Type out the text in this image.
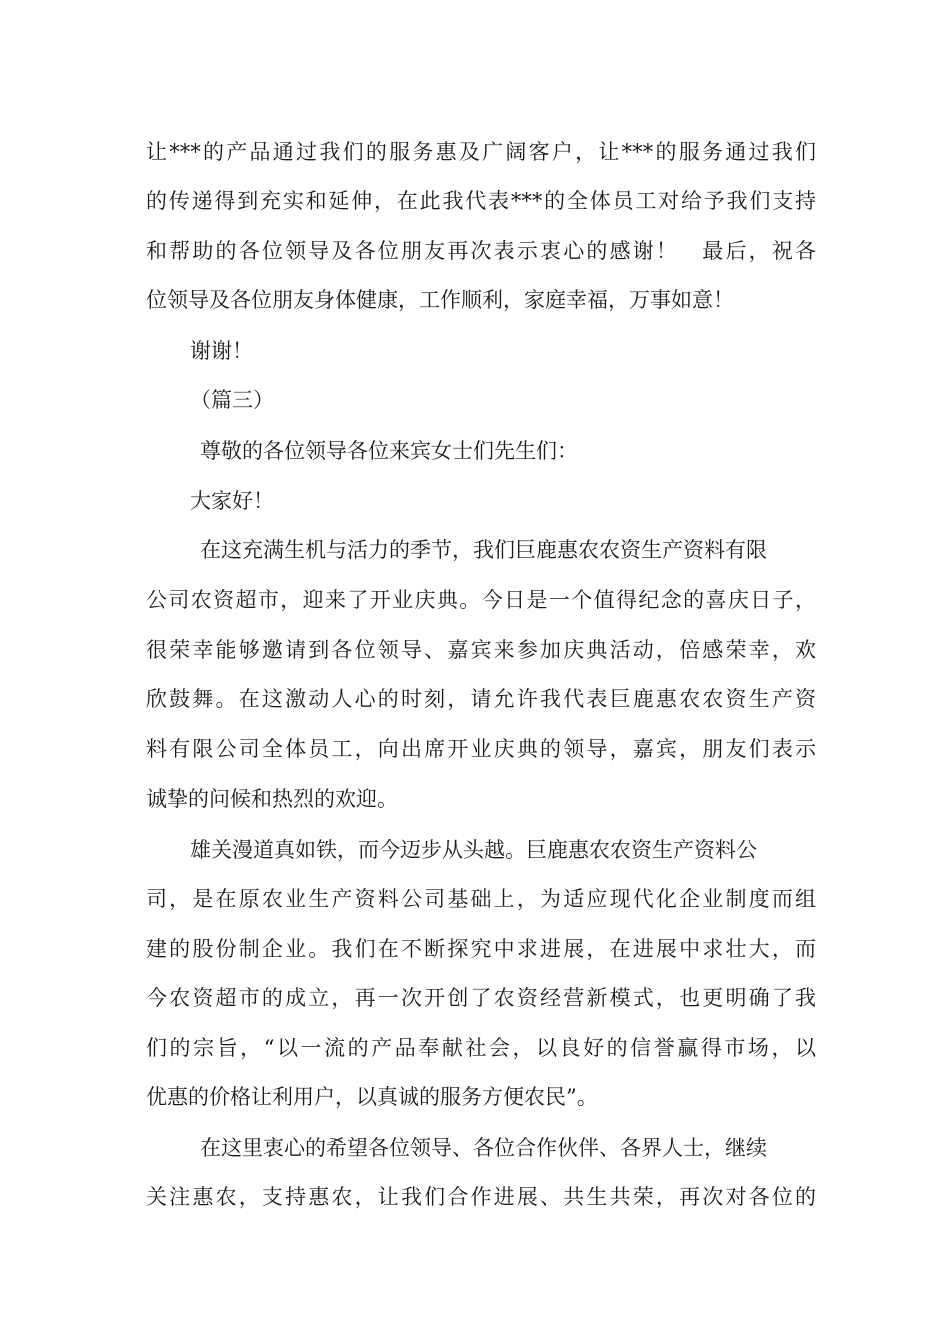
让***的产品通过我们的服务惠及广阔客户，让***的服务通过我们
的传递得到充实和延伸，在此我代表***的全体员工对给予我们支持
和帮助的各位领导及各位朋友再次表示衷心的感谢！　最后，祝各
位领导及各位朋友身体健康，工作顺利，家庭幸福，万事如意！
谢谢！
（篇三）
尊敬的各位领导各位来宾女士们先生们：
大家好！
在这充满生机与活力的季节，我们巨鹿惠农农资生产资料有限
公司农资超市，迎来了开业庆典。今日是一个值得纪念的喜庆日子，
很荣幸能够邀请到各位领导、嘉宾来参加庆典活动，倍感荣幸，欢
欣鼓舞。在这激动人心的时刻，请允许我代表巨鹿惠农农资生产资
料有限公司全体员工，向出席开业庆典的领导，嘉宾，朋友们表示
诚挚的问候和热烈的欢迎。
雄关漫道真如铁，而今迈步从头越。巨鹿惠农农资生产资料公
司，是在原农业生产资料公司基础上，为适应现代化企业制度而组
建的股份制企业。我们在不断探究中求进展，在进展中求壮大，而
今农资超市的成立，再一次开创了农资经营新模式，也更明确了我
们的宗旨，“以一流的产品奉献社会，以良好的信誉赢得市场，以
优惠的价格让利用户，以真诚的服务方便农民”。
在这里衷心的希望各位领导、各位合作伙伴、各界人士，继续
关注惠农，支持惠农，让我们合作进展、共生共荣，再次对各位的
